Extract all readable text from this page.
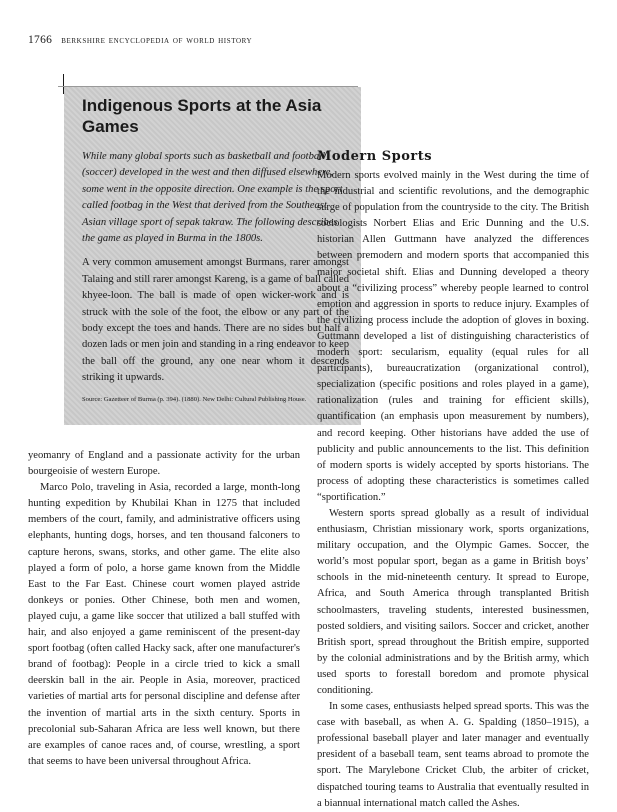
1766 berkshire encyclopedia of world history
Indigenous Sports at the Asia Games

While many global sports such as basketball and football (soccer) developed in the west and then diffused elsewhere, some went in the opposite direction. One example is the sport called footbag in the West that derived from the Southeast Asian village sport of sepak takraw. The following describes the game as played in Burma in the 1800s.

A very common amusement amongst Burmans, rarer amongst Talaing and still rarer amongst Kareng, is a game of ball called khyee-loon. The ball is made of open wicker-work and is struck with the sole of the foot, the elbow or any part of the body except the toes and hands. There are no sides but half a dozen lads or men join and standing in a ring endeavor to keep the ball off the ground, any one near whom it descends striking it upwards.

Source: Gazetteer of Burma (p. 394). (1880). New Delhi: Cultural Publishing House.

yeomanry of England and a passionate activity for the urban bourgeoisie of western Europe.

Marco Polo, traveling in Asia, recorded a large, month-long hunting expedition by Khubilai Khan in 1275 that included members of the court, family, and administrative officers using elephants, hunting dogs, horses, and ten thousand falconers to capture herons, swans, storks, and other game. The elite also played a form of polo, a horse game known from the Middle East to the Far East. Chinese court women played astride donkeys or ponies. Other Chinese, both men and women, played cuju, a game like soccer that utilized a ball stuffed with hair, and also enjoyed a game reminiscent of the present-day sport footbag (often called Hacky sack, after one manufacturer's brand of footbag): People in a circle tried to kick a small deerskin ball in the air. People in Asia, moreover, practiced varieties of martial arts for personal discipline and defense after the invention of martial arts in the sixth century. Sports in precolonial sub-Saharan Africa are less well known, but there are examples of canoe races and, of course, wrestling, a sport that seems to have been universal throughout Africa.

Modern Sports

Modern sports evolved mainly in the West during the time of the industrial and scientific revolutions, and the demographic surge of population from the countryside to the city. The British sociologists Norbert Elias and Eric Dunning and the U.S. historian Allen Guttmann have analyzed the differences between premodern and modern sports that accompanied this major societal shift. Elias and Dunning developed a theory about a “civilizing process” whereby people learned to control emotion and aggression in sports to reduce injury. Examples of the civilizing process include the adoption of gloves in boxing. Guttmann developed a list of distinguishing characteristics of modern sport: secularism, equality (equal rules for all participants), bureaucratization (organizational control), specialization (specific positions and roles played in a game), rationalization (rules and training for efficient skills), quantification (an emphasis upon measurement by numbers), and record keeping. Other historians have added the use of publicity and public announcements to the list. This definition of modern sports is widely accepted by sports historians. The process of adopting these characteristics is sometimes called “sportification.”

Western sports spread globally as a result of individual enthusiasm, Christian missionary work, sports organizations, military occupation, and the Olympic Games. Soccer, the world’s most popular sport, began as a game in British boys’ schools in the mid-nineteenth century. It spread to Europe, Africa, and South America through transplanted British schoolmasters, traveling students, interested businessmen, posted soldiers, and visiting sailors. Soccer and cricket, another British sport, spread throughout the British empire, supported by the colonial administrations and by the British army, which used sports to forestall boredom and promote physical conditioning.

In some cases, enthusiasts helped spread sports. This was the case with baseball, as when A. G. Spalding (1850–1915), a professional baseball player and later manager and eventually president of a baseball team, sent teams abroad to promote the sport. The Marylebone Cricket Club, the arbiter of cricket, dispatched touring teams to Australia that eventually resulted in a biannual international match called the Ashes.
